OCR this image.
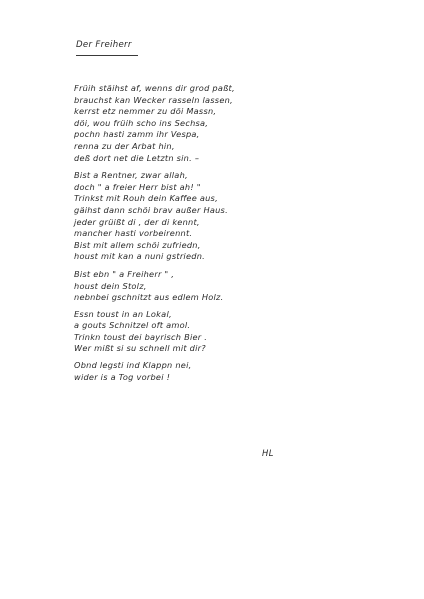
Der Freiherr
Früih stäihst af, wenns dir grod paßt,
brauchst kan Wecker rasseln lassen,
kerrst etz nemmer zu döi Massn,
döi, wou früih scho ins Sechsa,
pochn hasti zamm ihr Vespa,
renna zu der Arbat hin,
deß dort net die Letztn sin. –
Bist a Rentner, zwar allah,
doch " a freier Herr bist ah! "
Trinkst mit Rouh dein Kaffee aus,
gäihst dann schöi brav außer Haus.
jeder grüißt di , der di kennt,
mancher hasti vorbeirennt.
Bist mit allem schöi zufriedn,
houst mit kan a nuni gstriedn.
Bist ebn " a Freiherr " ,
houst dein Stolz,
nebnbei gschnitzt aus edlem Holz.
Essn toust in an Lokal,
a gouts Schnitzel oft amol.
Trinkn toust dei bayrisch Bier .
Wer mißt si su schnell mit dir?
Obnd legsti ind Klappn nei,
wider is a Tog vorbei !
HL
